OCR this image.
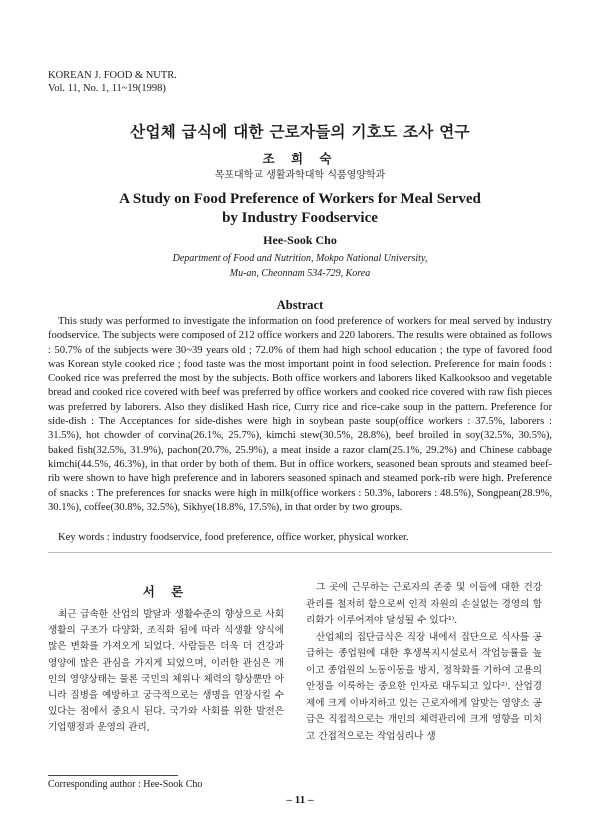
KOREAN J. FOOD & NUTR.
Vol. 11, No. 1, 11~19(1998)
산업체 급식에 대한 근로자들의 기호도 조사 연구
조 희 숙
목포대학교 생활과학대학 식품영양학과
A Study on Food Preference of Workers for Meal Served
by Industry Foodservice
Hee-Sook Cho
Department of Food and Nutrition, Mokpo National University,
Mu-an, Cheonnam 534-729, Korea
Abstract

This study was performed to investigate the information on food preference of workers for meal served by industry foodservice. The subjects were composed of 212 office workers and 220 laborers. The results were obtained as follows : 50.7% of the subjects were 30~39 years old ; 72.0% of them had high school education ; the type of favored food was Korean style cooked rice ; food taste was the most important point in food selection. Preference for main foods : Cooked rice was preferred the most by the subjects. Both office workers and laborers liked Kalkooksoo and vegetable bread and cooked rice covered with beef was preferred by office workers and cooked rice covered with raw fish pieces was preferred by laborers. Also they disliked Hash rice, Curry rice and rice-cake soup in the pattern. Preference for side-dish : The Acceptances for side-dishes were high in soybean paste soup(office workers : 37.5%, laborers : 31.5%), hot chowder of corvina(26.1%, 25.7%), kimchi stew(30.5%, 28.8%), beef broiled in soy(32.5%, 30.5%), baked fish(32.5%, 31.9%), pachon(20.7%, 25.9%), a meat inside a razor clam(25.1%, 29.2%) and Chinese cabbage kimchi(44.5%, 46.3%), in that order by both of them. But in office workers, seasoned bean sprouts and steamed beef-rib were shown to have high preference and in laborers seasoned spinach and steamed pork-rib were high. Preference of snacks : The preferences for snacks were high in milk(office workers : 50.3%, laborers : 48.5%), Songpean(28.9%, 30.1%), coffee(30.8%, 32.5%), Sikhye(18.8%, 17.5%), in that order by two groups.

Key words : industry foodservice, food preference, office worker, physical worker.

서 론

최근 급속한 산업의 발달과 생활수준의 향상으로 사회생활의 구조가 다양화, 조직화 됨에 따라 식생활 양식에 많은 변화를 가져오게 되었다. 사람들은 더욱 더 건강과 영양에 많은 관심을 가지게 되었으며, 이러한 관심은 개인의 영양상태는 물론 국민의 체위나 체력의 향상뿐만 아니라 질병을 예방하고 궁극적으로는 생명을 연장시킬 수 있다는 점에서 중요시 된다. 국가와 사회를 위한 발전은 기업행정과 운영의 관리,

그 곳에 근무하는 근로자의 존중 및 이들에 대한 건강관리를 철저히 함으로써 인적 자원의 손실없는 경영의 합리화가 이루어져야 달성될 수 있다¹⁾.

산업체의 집단급식은 직장 내에서 집단으로 식사를 공급하는 종업원에 대한 후생복지시설로서 작업능률을 높이고 종업원의 노동이동을 방지, 정착화를 기하여 고용의 안정을 이룩하는 중요한 인자로 대두되고 있다²⁾. 산업경제에 크게 이바지하고 있는 근로자에게 알맞는 영양소 공급은 직접적으로는 개인의 체력관리에 크게 영향을 미치고 간접적으로는 작업심리나 생

Corresponding author : Hee-Sook Cho
– 11 –
